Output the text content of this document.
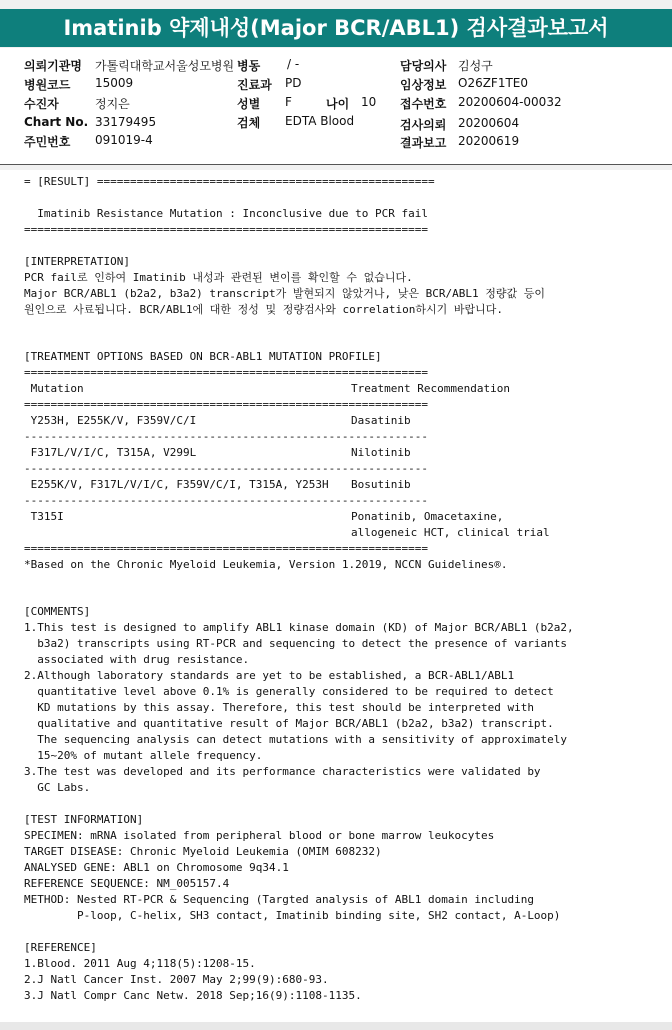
Imatinib 약제내성(Major BCR/ABL1) 검사결과보고서
의뢰기관명 가톨릭대학교서울성모병원 병동 / -	담당의사 김성구
병원코드 15009	진료과 PD	임상정보 O26ZF1TE0
수진자	정지은	성별 F	나이 10 접수번호 20200604-00032
Chart No. 33179495	검체 EDTA Blood	검사의뢰 20200604
주민번호 091019-4	결과보고 20200619
= [RESULT] ===================================================
Imatinib Resistance Mutation : Inconclusive due to PCR fail
=============================================================
[INTERPRETATION]
PCR fail로 인하여 Imatinib 내성과 관련된 변이를 확인할 수 없습니다.
Major BCR/ABL1 (b2a2, b3a2) transcript가 발현되지 않았거나, 낮은 BCR/ABL1 정량값 등이
원인으로 사료됩니다. BCR/ABL1에 대한 정성 및 정량검사와 correlation하시기 바랍니다.
[TREATMENT OPTIONS BASED ON BCR-ABL1 MUTATION PROFILE]
=============================================================
Mutation	Treatment Recommendation
=============================================================
Y253H, E255K/V, F359V/C/I	Dasatinib
-------------------------------------------------------------
F317L/V/I/C, T315A, V299L	Nilotinib
-------------------------------------------------------------
E255K/V, F317L/V/I/C, F359V/C/I, T315A, Y253H Bosutinib
-------------------------------------------------------------
T315I	Ponatinib, Omacetaxine,
allogeneic HCT, clinical trial
=============================================================
*Based on the Chronic Myeloid Leukemia, Version 1.2019, NCCN Guidelines®.
[COMMENTS]
1.This test is designed to amplify ABL1 kinase domain (KD) of Major BCR/ABL1 (b2a2,
b3a2) transcripts using RT-PCR and sequencing to detect the presence of variants
associated with drug resistance.
2.Although laboratory standards are yet to be established, a BCR-ABL1/ABL1
quantitative level above 0.1% is generally considered to be required to detect
KD mutations by this assay. Therefore, this test should be interpreted with
qualitative and quantitative result of Major BCR/ABL1 (b2a2, b3a2) transcript.
The sequencing analysis can detect mutations with a sensitivity of approximately
15~20% of mutant allele frequency.
3.The test was developed and its performance characteristics were validated by
GC Labs.
[TEST INFORMATION]
SPECIMEN: mRNA isolated from peripheral blood or bone marrow leukocytes
TARGET DISEASE: Chronic Myeloid Leukemia (OMIM 608232)
ANALYSED GENE: ABL1 on Chromosome 9q34.1
REFERENCE SEQUENCE: NM_005157.4
METHOD: Nested RT-PCR & Sequencing (Targted analysis of ABL1 domain including
P-loop, C-helix, SH3 contact, Imatinib binding site, SH2 contact, A-Loop)
[REFERENCE]
1.Blood. 2011 Aug 4;118(5):1208-15.
2.J Natl Cancer Inst. 2007 May 2;99(9):680-93.
3.J Natl Compr Canc Netw. 2018 Sep;16(9):1108-1135.
